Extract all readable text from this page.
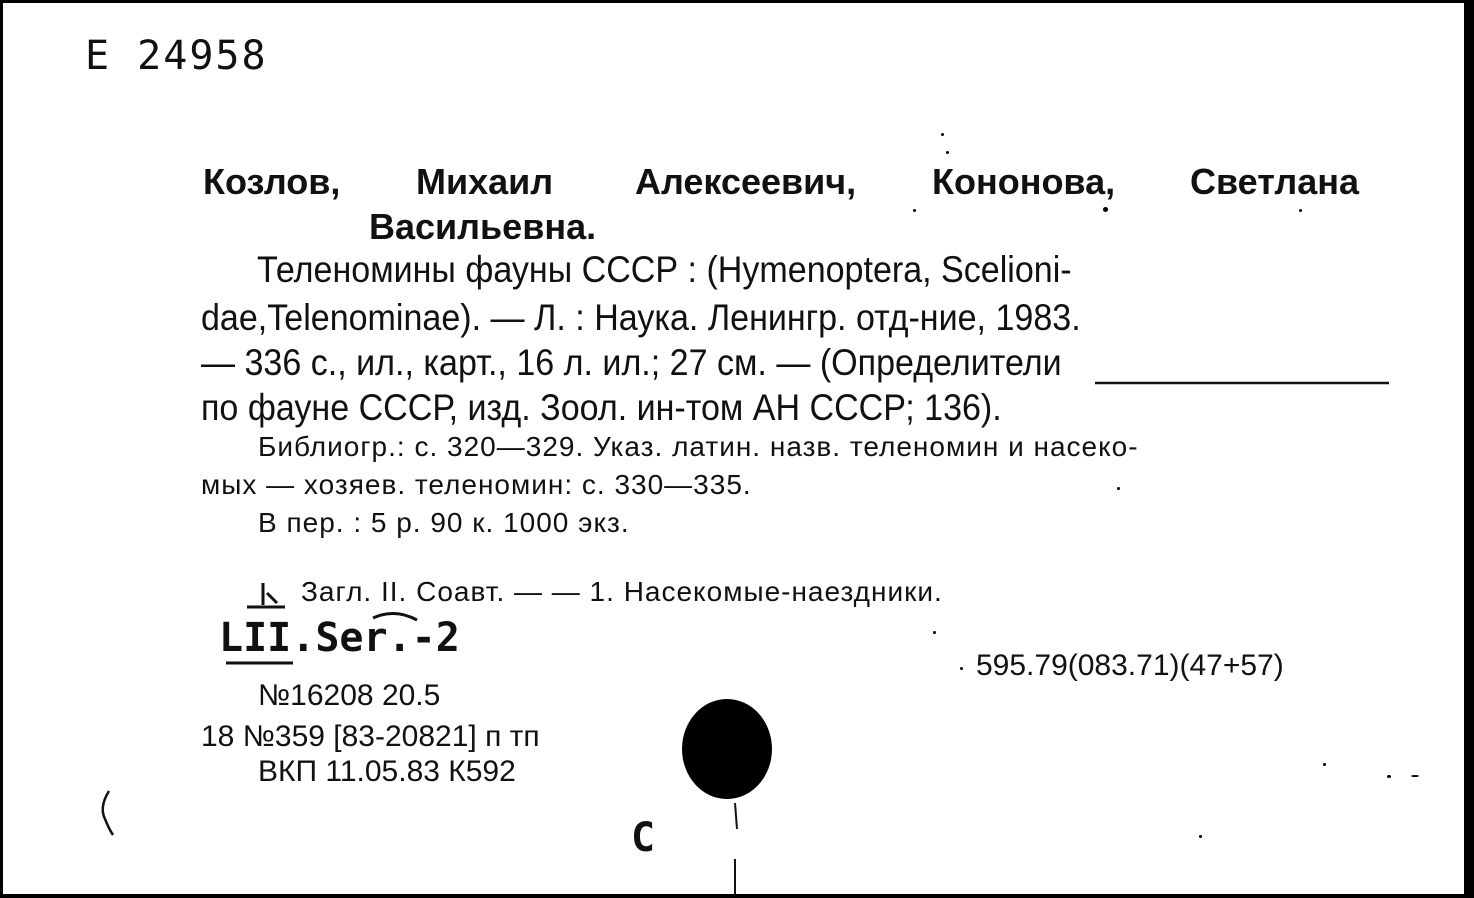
Е 24958
Козлов, Михаил Алексеевич, Кононова, Светлана
Васильевна.
Теленомины фауны СССР : (Hymenoptera, Scelioni-
dae,Telenominae). — Л. : Наука. Ленингр. отд-ние, 1983.
— 336 с., ил., карт., 16 л. ил.; 27 см. — (Определители
по фауне СССР, изд. Зоол. ин-том АН СССР; 136).
Библиогр.: с. 320—329. Указ. латин. назв. теленомин и насеко-
мых — хозяев. теленомин: с. 330—335.
В пер. : 5 р. 90 к. 1000 экз.
Загл. II. Соавт. — — 1. Насекомые-наездники.
LII.Ser.-2
595.79(083.71)(47+57)
№16208 20.5
18 №359 [83-20821] п тп
ВКП 11.05.83 К592
C
